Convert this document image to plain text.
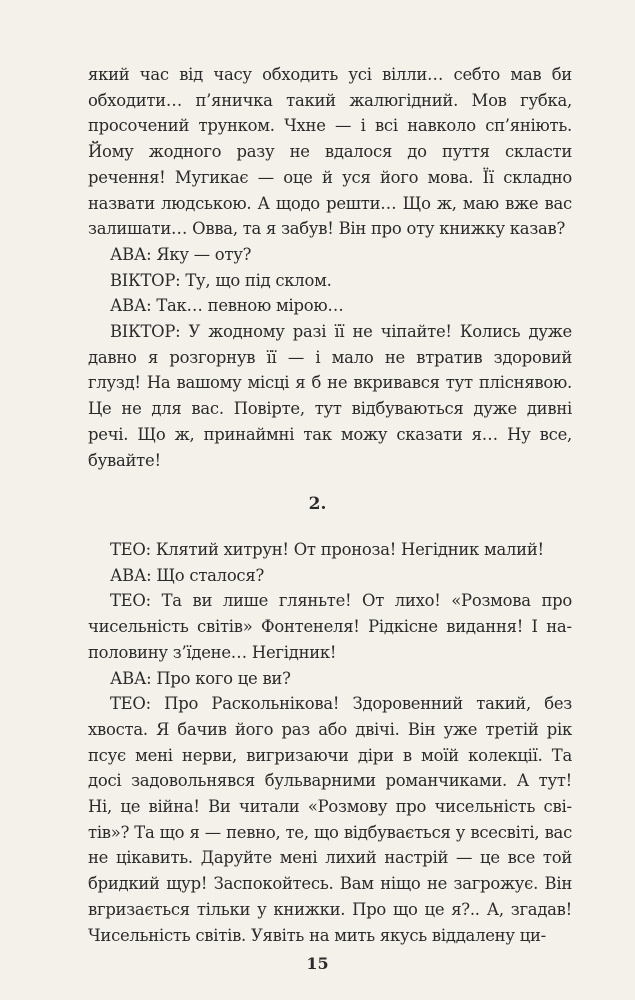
який час від часу обходить усі вілли… себто мав би обходити… п’яничка такий жалюгідний. Мов губка, просочений трунком. Чхне — і всі навколо сп’яніють. Йому жодного разу не вдалося до пуття скласти речення! Мугикає — оце й уся його мова. Її складно назвати людською. А щодо решти… Що ж, маю вже вас залишати… Овва, та я забув! Він про оту книжку казав?

АВА: Яку — оту?

ВІКТОР: Ту, що під склом.

АВА: Так… певною мірою…

ВІКТОР: У жодному разі її не чіпайте! Колись дуже давно я розгорнув її — і мало не втратив здоровий глузд! На вашому місці я б не вкривався тут пліснявою. Це не для вас. Повірте, тут відбуваються дуже дивні речі. Що ж, принаймні так можу сказати я… Ну все, бувайте!

2.

ТЕО: Клятий хитрун! От проноза! Негідник малий!

АВА: Що сталося?

ТЕО: Та ви лише гляньте! От лихо! «Розмова про чисельність світів» Фонтенеля! Рідкісне видання! І наполовину з’їдене… Негідник!

АВА: Про кого це ви?

ТЕО: Про Раскольнікова! Здоровенний такий, без хвоста. Я бачив його раз або двічі. Він уже третій рік псує мені нерви, вигризаючи діри в моїй колекції. Та досі задовольнявся бульварними романчиками. А тут! Ні, це війна! Ви читали «Розмову про чисельність світів»? Та що я — певно, те, що відбувається у всесвіті, вас не цікавить. Даруйте мені лихий настрій — це все той бридкий щур! Заспокойтесь. Вам ніщо не загрожує. Він вгризається тільки у книжки. Про що це я?.. А, згадав! Чисельність світів. Уявіть на мить якусь віддалену ци-

15
